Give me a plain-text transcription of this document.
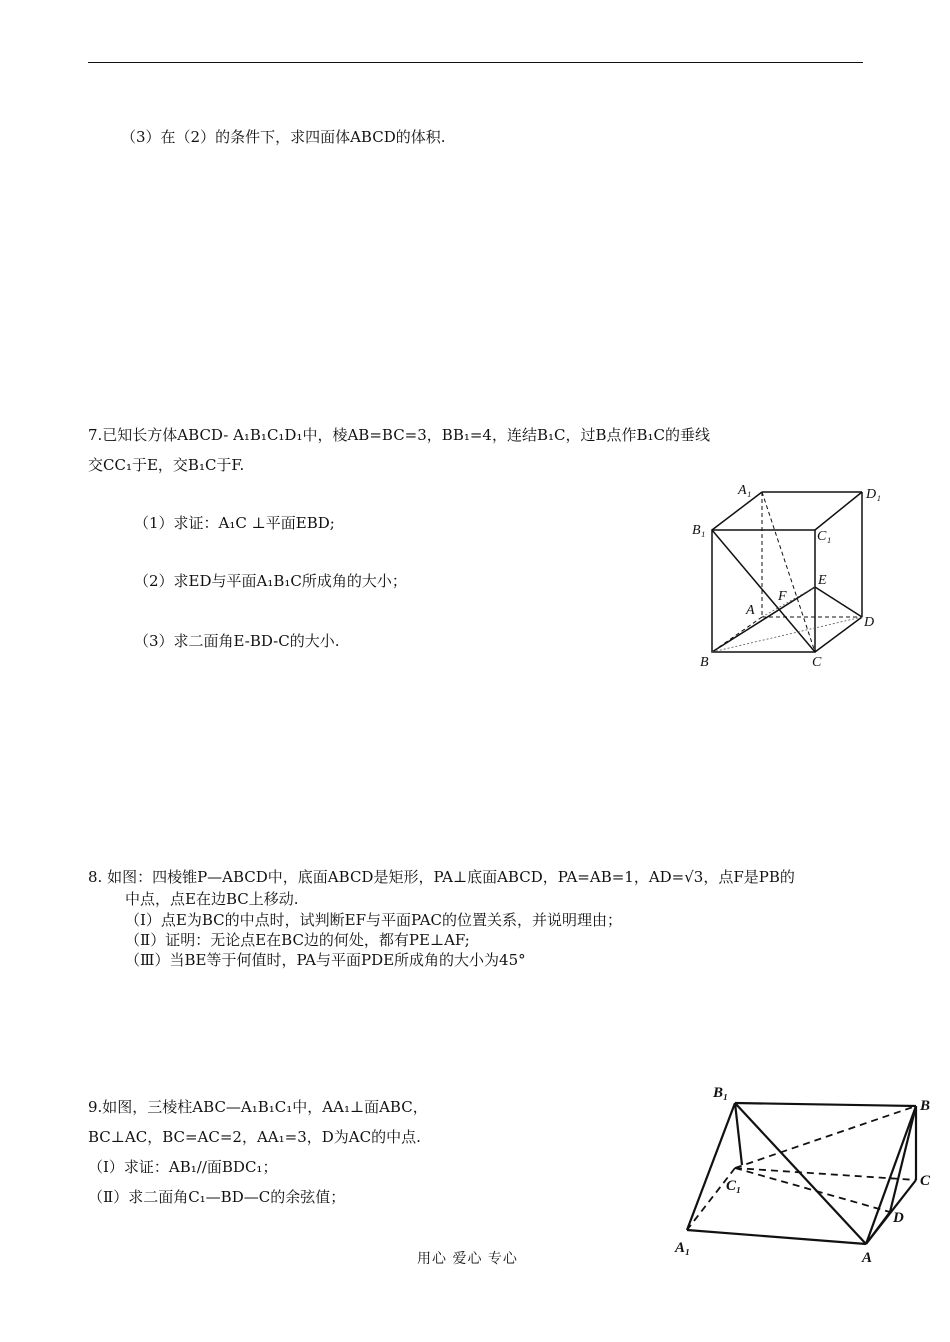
（3）在（2）的条件下，求四面体ABCD的体积.
7.已知长方体ABCD- A₁B₁C₁D₁中，棱AB=BC=3，BB₁=4，连结B₁C，过B点作B₁C的垂线
交CC₁于E，交B₁C于F.
（1）求证：A₁C ⊥平面EBD;
（2）求ED与平面A₁B₁C所成角的大小；
（3）求二面角E-BD-C的大小.
A₁	D₁
B₁	C₁
E
A
F
D
B	C
8. 如图：四棱锥P—ABCD中，底面ABCD是矩形，PA⊥底面ABCD，PA=AB=1，AD=√3，点F是PB的
中点，点E在边BC上移动.
（Ⅰ）点E为BC的中点时，试判断EF与平面PAC的位置关系，并说明理由；
（Ⅱ）证明：无论点E在BC边的何处，都有PE⊥AF;
（Ⅲ）当BE等于何值时，PA与平面PDE所成角的大小为45°
9.如图，三棱柱ABC—A₁B₁C₁中，AA₁⊥面ABC，
BC⊥AC，BC=AC=2，AA₁=3，D为AC的中点.
（Ⅰ）求证：AB₁//面BDC₁；
（Ⅱ）求二面角C₁—BD—C的余弦值；
B₁
B
C
C₁
D
A₁
A
用心 爱心 专心
